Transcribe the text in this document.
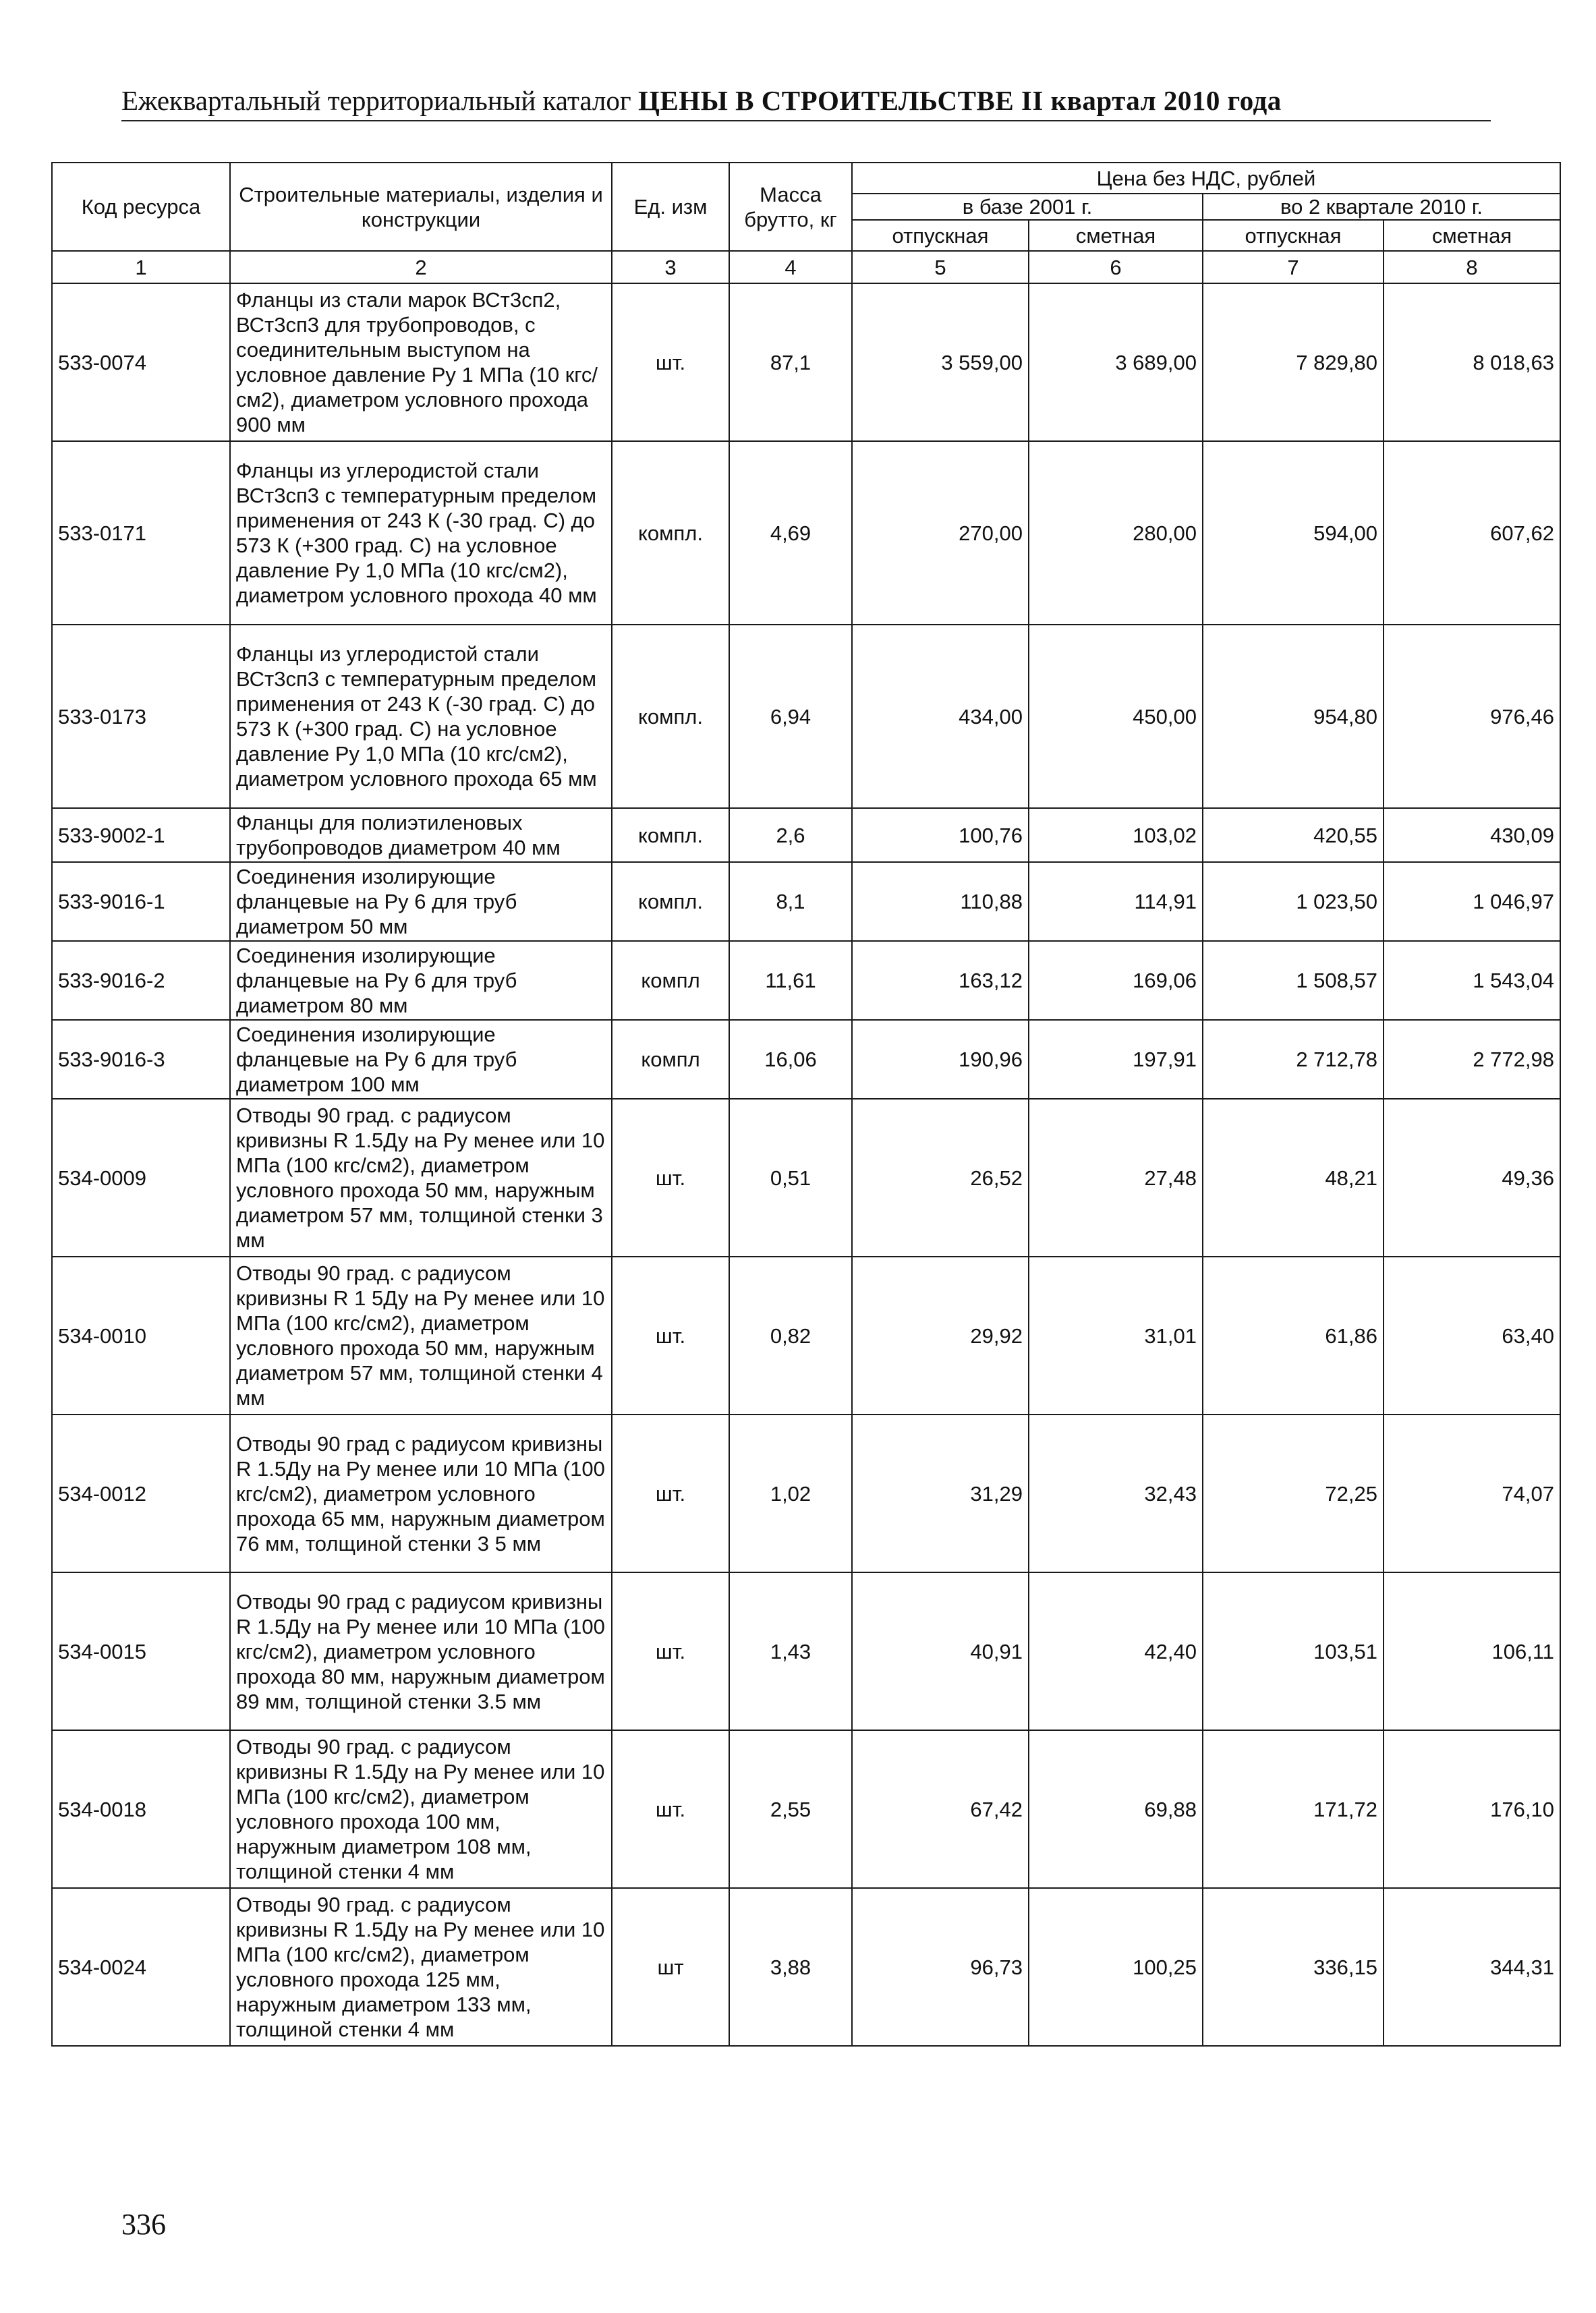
Ежеквартальный территориальный каталог ЦЕНЫ В СТРОИТЕЛЬСТВЕ II квартал 2010 года
Код ресурса	Строительные материалы, изделия и конструкции	Ед. изм	Масса брутто, кг	Цена без НДС, рублей			
				в базе 2001 г.		во 2 квартале 2010 г.	
				отпускная	сметная	отпускная	сметная
1	2	3	4	5	6	7	8
533-0074	Фланцы из стали марок ВСт3сп2, ВСт3сп3 для трубопроводов, с соединительным выступом на условное давление Ру 1 МПа (10 кгс/см2), диаметром условного прохода 900 мм	шт.	87,1	3 559,00	3 689,00	7 829,80	8 018,63
533-0171	Фланцы из углеродистой стали ВСт3сп3 с температурным пределом применения от 243 К (-30 град. С) до 573 К (+300 град. С) на условное давление Ру 1,0 МПа (10 кгс/см2), диаметром условного прохода 40 мм	компл.	4,69	270,00	280,00	594,00	607,62
533-0173	Фланцы из углеродистой стали ВСт3сп3 с температурным пределом применения от 243 К (-30 град. С) до 573 К (+300 град. С) на условное давление Ру 1,0 МПа (10 кгс/см2), диаметром условного прохода 65 мм	компл.	6,94	434,00	450,00	954,80	976,46
533-9002-1	Фланцы для полиэтиленовых трубопроводов диаметром 40 мм	компл.	2,6	100,76	103,02	420,55	430,09
533-9016-1	Соединения изолирующие фланцевые на Ру 6 для труб диаметром 50 мм	компл.	8,1	110,88	114,91	1 023,50	1 046,97
533-9016-2	Соединения изолирующие фланцевые на Ру 6 для труб диаметром 80 мм	компл	11,61	163,12	169,06	1 508,57	1 543,04
533-9016-3	Соединения изолирующие фланцевые на Ру 6 для труб диаметром 100 мм	компл	16,06	190,96	197,91	2 712,78	2 772,98
534-0009	Отводы 90 град. с радиусом кривизны R 1.5Ду на Ру менее или 10 МПа (100 кгс/см2), диаметром условного прохода 50 мм, наружным диаметром 57 мм, толщиной стенки 3 мм	шт.	0,51	26,52	27,48	48,21	49,36
534-0010	Отводы 90 град. с радиусом кривизны R 1 5Ду на Ру менее или 10 МПа (100 кгс/см2), диаметром условного прохода 50 мм, наружным диаметром 57 мм, толщиной стенки 4 мм	шт.	0,82	29,92	31,01	61,86	63,40
534-0012	Отводы 90 град с радиусом кривизны R 1.5Ду на Ру менее или 10 МПа (100 кгс/см2), диаметром условного прохода 65 мм, наружным диаметром 76 мм, толщиной стенки 3 5 мм	шт.	1,02	31,29	32,43	72,25	74,07
534-0015	Отводы 90 град с радиусом кривизны R 1.5Ду на Ру менее или 10 МПа (100 кгс/см2), диаметром условного прохода 80 мм, наружным диаметром 89 мм, толщиной стенки 3.5 мм	шт.	1,43	40,91	42,40	103,51	106,11
534-0018	Отводы 90 град. с радиусом кривизны R 1.5Ду на Ру менее или 10 МПа (100 кгс/см2), диаметром условного прохода 100 мм, наружным диаметром 108 мм, толщиной стенки 4 мм	шт.	2,55	67,42	69,88	171,72	176,10
534-0024	Отводы 90 град. с радиусом кривизны R 1.5Ду на Ру менее или 10 МПа (100 кгс/см2), диаметром условного прохода 125 мм, наружным диаметром 133 мм, толщиной стенки 4 мм	шт	3,88	96,73	100,25	336,15	344,31
336
